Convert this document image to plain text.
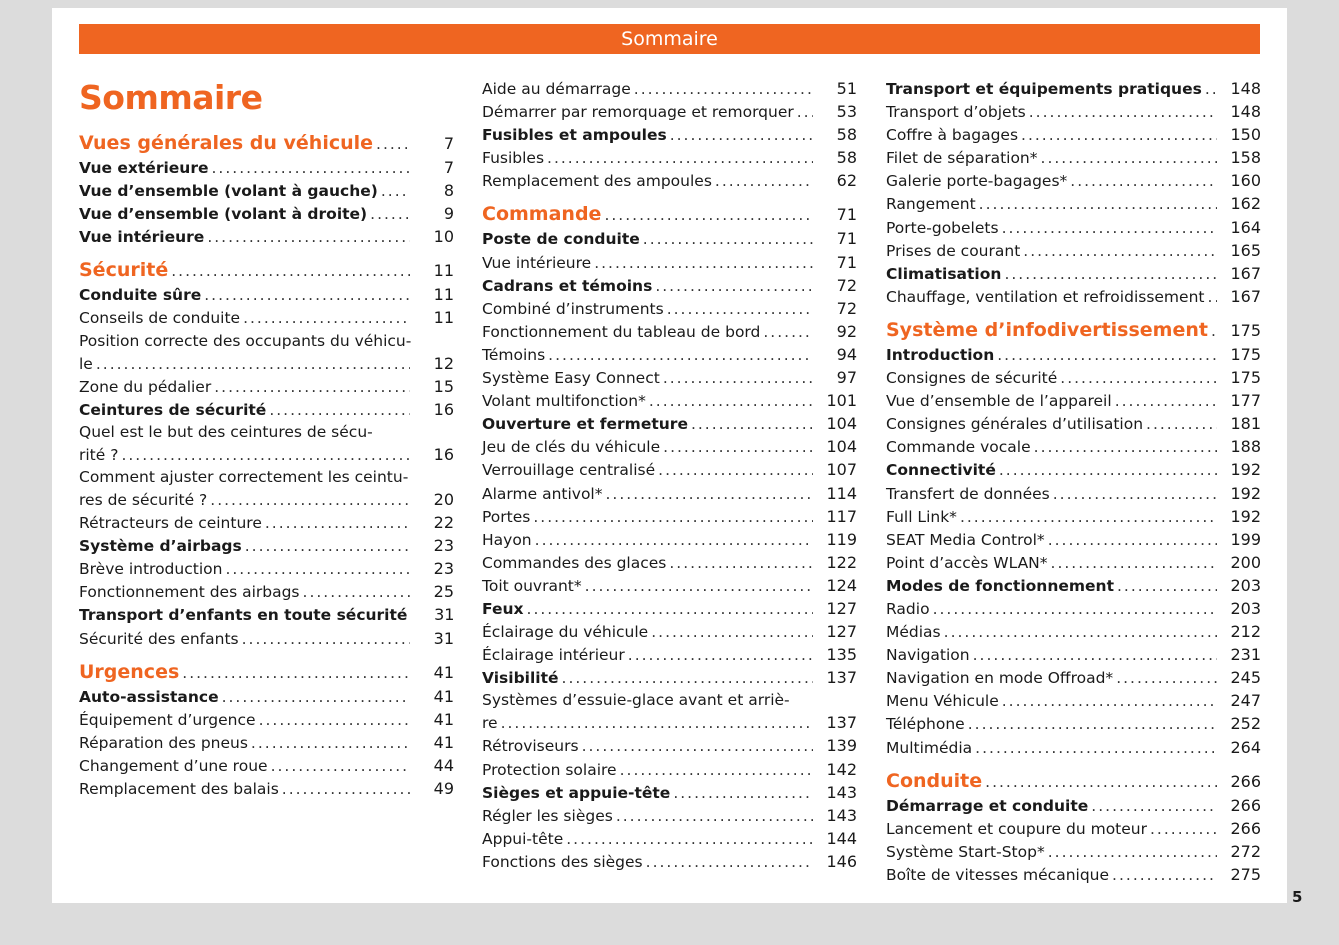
Sommaire
Sommaire
Vues générales du véhicule .....	7
Vue extérieure .....	7
Vue d’ensemble (volant à gauche) .....	8
Vue d’ensemble (volant à droite) .....	9
Vue intérieure .....	10
Sécurité .....	11
Conduite sûre .....	11
Conseils de conduite .....	11
Position correcte des occupants du véhicu-
le .....	12
Zone du pédalier .....	15
Ceintures de sécurité .....	16
Quel est le but des ceintures de sécu-
rité ? .....	16
Comment ajuster correctement les ceintu-
res de sécurité ? .....	20
Rétracteurs de ceinture .....	22
Système d’airbags .....	23
Brève introduction .....	23
Fonctionnement des airbags .....	25
Transport d’enfants en toute sécurité	31
Sécurité des enfants .....	31
Urgences .....	41
Auto-assistance .....	41
Équipement d’urgence .....	41
Réparation des pneus .....	41
Changement d’une roue .....	44
Remplacement des balais .....	49
Aide au démarrage .....	51
Démarrer par remorquage et remorquer .....	53
Fusibles et ampoules .....	58
Fusibles .....	58
Remplacement des ampoules .....	62
Commande .....	71
Poste de conduite .....	71
Vue intérieure .....	71
Cadrans et témoins .....	72
Combiné d’instruments .....	72
Fonctionnement du tableau de bord .....	92
Témoins .....	94
Système Easy Connect .....	97
Volant multifonction* .....	101
Ouverture et fermeture .....	104
Jeu de clés du véhicule .....	104
Verrouillage centralisé .....	107
Alarme antivol* .....	114
Portes .....	117
Hayon .....	119
Commandes des glaces .....	122
Toit ouvrant* .....	124
Feux .....	127
Éclairage du véhicule .....	127
Éclairage intérieur .....	135
Visibilité .....	137
Systèmes d’essuie-glace avant et arriè-
re .....	137
Rétroviseurs .....	139
Protection solaire .....	142
Sièges et appuie-tête .....	143
Régler les sièges .....	143
Appui-tête .....	144
Fonctions des sièges .....	146
Transport et équipements pratiques .....	148
Transport d’objets .....	148
Coffre à bagages .....	150
Filet de séparation* .....	158
Galerie porte-bagages* .....	160
Rangement .....	162
Porte-gobelets .....	164
Prises de courant .....	165
Climatisation .....	167
Chauffage, ventilation et refroidissement .....	167
Système d’infodivertissement .....	175
Introduction .....	175
Consignes de sécurité .....	175
Vue d’ensemble de l’appareil .....	177
Consignes générales d’utilisation .....	181
Commande vocale .....	188
Connectivité .....	192
Transfert de données .....	192
Full Link* .....	192
SEAT Media Control* .....	199
Point d’accès WLAN* .....	200
Modes de fonctionnement .....	203
Radio .....	203
Médias .....	212
Navigation .....	231
Navigation en mode Offroad* .....	245
Menu Véhicule .....	247
Téléphone .....	252
Multimédia .....	264
Conduite .....	266
Démarrage et conduite .....	266
Lancement et coupure du moteur .....	266
Système Start-Stop* .....	272
Boîte de vitesses mécanique .....	275
5
